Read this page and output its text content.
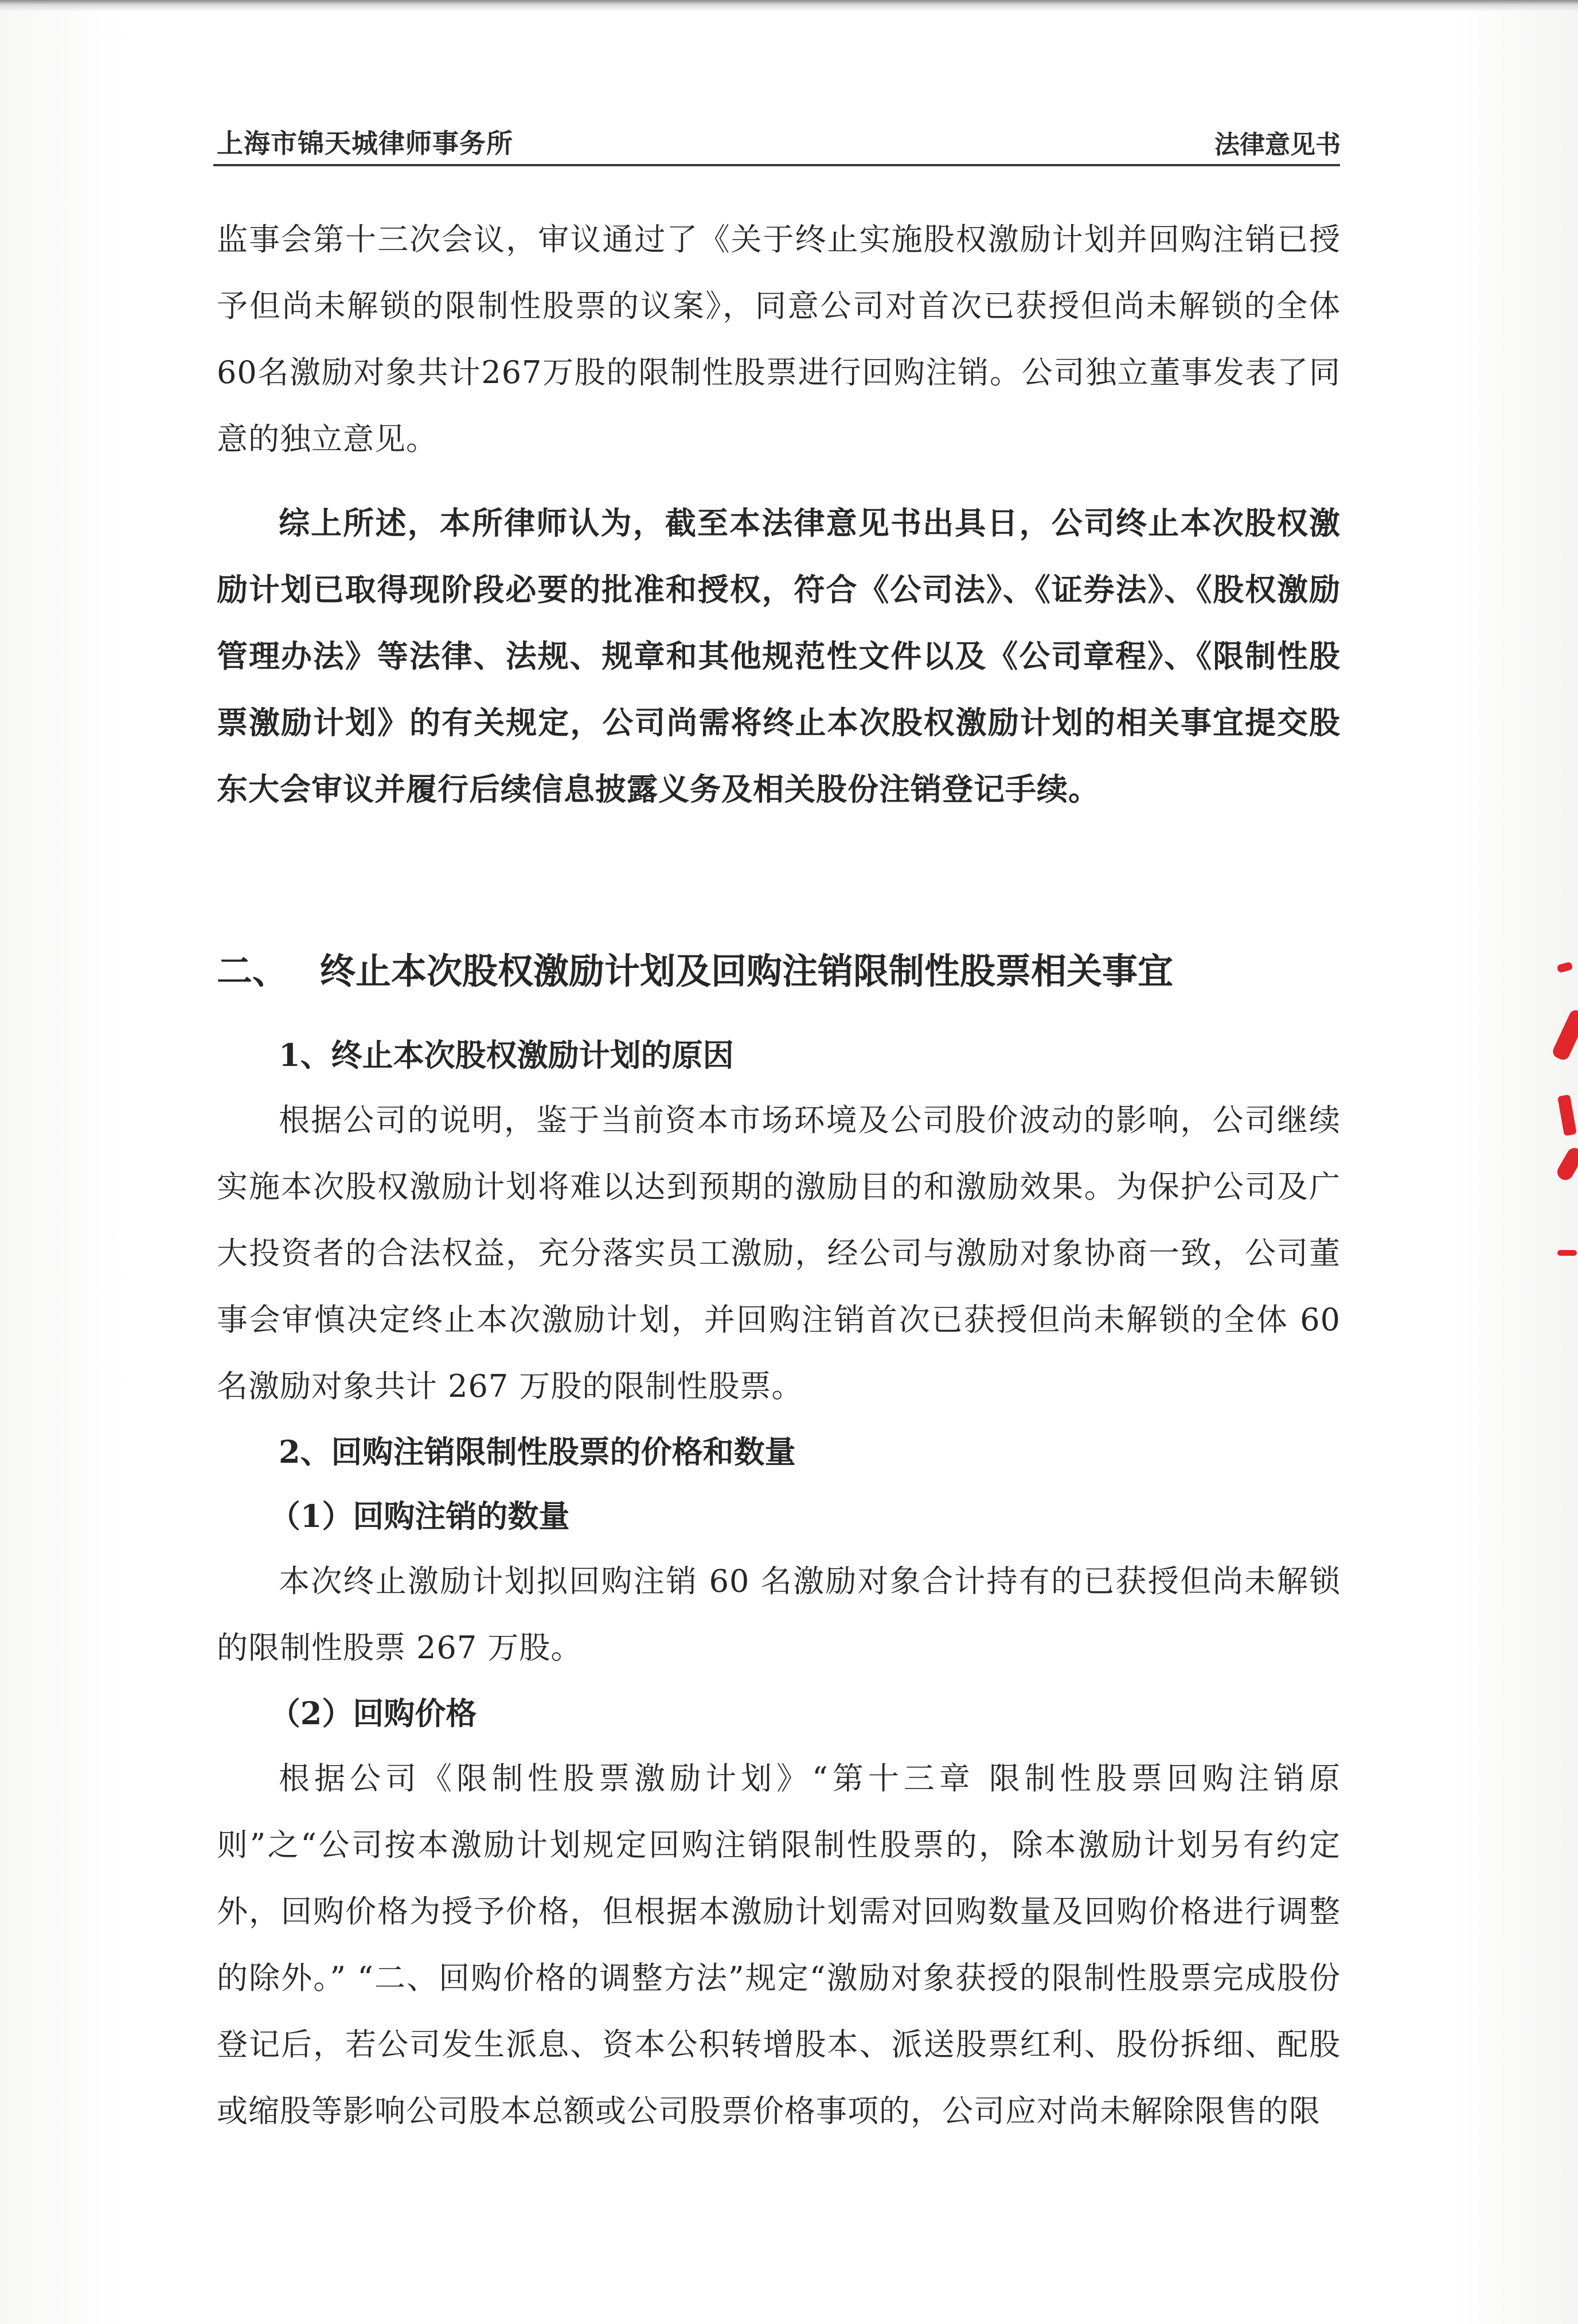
上海市锦天城律师事务所	法律意见书

监事会第十三次会议，审议通过了《关于终止实施股权激励计划并回购注销已授予但尚未解锁的限制性股票的议案》，同意公司对首次已获授但尚未解锁的全体60名激励对象共计267万股的限制性股票进行回购注销。公司独立董事发表了同意的独立意见。

综上所述，本所律师认为，截至本法律意见书出具日，公司终止本次股权激励计划已取得现阶段必要的批准和授权，符合《公司法》、《证券法》、《股权激励管理办法》等法律、法规、规章和其他规范性文件以及《公司章程》、《限制性股票激励计划》的有关规定，公司尚需将终止本次股权激励计划的相关事宜提交股东大会审议并履行后续信息披露义务及相关股份注销登记手续。

二、 终止本次股权激励计划及回购注销限制性股票相关事宜

1、终止本次股权激励计划的原因

根据公司的说明，鉴于当前资本市场环境及公司股价波动的影响，公司继续实施本次股权激励计划将难以达到预期的激励目的和激励效果。为保护公司及广大投资者的合法权益，充分落实员工激励，经公司与激励对象协商一致，公司董事会审慎决定终止本次激励计划，并回购注销首次已获授但尚未解锁的全体 60 名激励对象共计 267 万股的限制性股票。

2、回购注销限制性股票的价格和数量

（1）回购注销的数量

本次终止激励计划拟回购注销 60 名激励对象合计持有的已获授但尚未解锁的限制性股票 267 万股。

（2）回购价格

根据公司《限制性股票激励计划》“第十三章 限制性股票回购注销原则”之“公司按本激励计划规定回购注销限制性股票的，除本激励计划另有约定外，回购价格为授予价格，但根据本激励计划需对回购数量及回购价格进行调整的除外。” “二、回购价格的调整方法”规定“激励对象获授的限制性股票完成股份登记后，若公司发生派息、资本公积转增股本、派送股票红利、股份拆细、配股或缩股等影响公司股本总额或公司股票价格事项的，公司应对尚未解除限售的限
